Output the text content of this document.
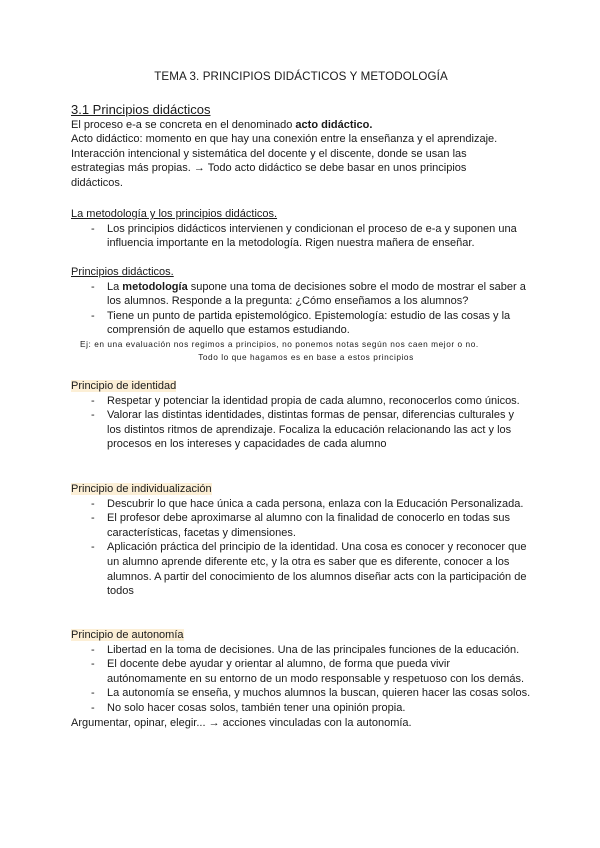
TEMA 3. PRINCIPIOS DIDÁCTICOS Y METODOLOGÍA
3.1 Principios didácticos

El proceso e-a se concreta en el denominado acto didáctico.

Acto didáctico: momento en que hay una conexión entre la enseñanza y el aprendizaje.

Interacción intencional y sistemática del docente y el discente, donde se usan las

estrategias más propias. → Todo acto didáctico se debe basar en unos principios

didácticos.

La metodología y los principios didácticos.
- Los principios didácticos intervienen y condicionan el proceso de e-a y suponen una influencia importante en la metodología. Rigen nuestra mañera de enseñar.
Principios didácticos.
- La metodología supone una toma de decisiones sobre el modo de mostrar el saber a los alumnos. Responde a la pregunta: ¿Cómo enseñamos a los alumnos?
- Tiene un punto de partida epistemológico. Epistemología: estudio de las cosas y la comprensión de aquello que estamos estudiando.
Ej: en una evaluación nos regimos a principios, no ponemos notas según nos caen mejor o no.
Todo lo que hagamos es en base a estos principios
Principio de identidad
- Respetar y potenciar la identidad propia de cada alumno, reconocerlos como únicos.
- Valorar las distintas identidades, distintas formas de pensar, diferencias culturales y los distintos ritmos de aprendizaje. Focaliza la educación relacionando las act y los procesos en los intereses y capacidades de cada alumno
Principio de individualización
- Descubrir lo que hace única a cada persona, enlaza con la Educación Personalizada.
- El profesor debe aproximarse al alumno con la finalidad de conocerlo en todas sus características, facetas y dimensiones.
- Aplicación práctica del principio de la identidad. Una cosa es conocer y reconocer que un alumno aprende diferente etc, y la otra es saber que es diferente, conocer a los alumnos. A partir del conocimiento de los alumnos diseñar acts con la participación de todos
Principio de autonomía
- Libertad en la toma de decisiones. Una de las principales funciones de la educación.
- El docente debe ayudar y orientar al alumno, de forma que pueda vivir autónomamente en su entorno de un modo responsable y respetuoso con los demás.
- La autonomía se enseña, y muchos alumnos la buscan, quieren hacer las cosas solos.
- No solo hacer cosas solos, también tener una opinión propia.

Argumentar, opinar, elegir... → acciones vinculadas con la autonomía.
